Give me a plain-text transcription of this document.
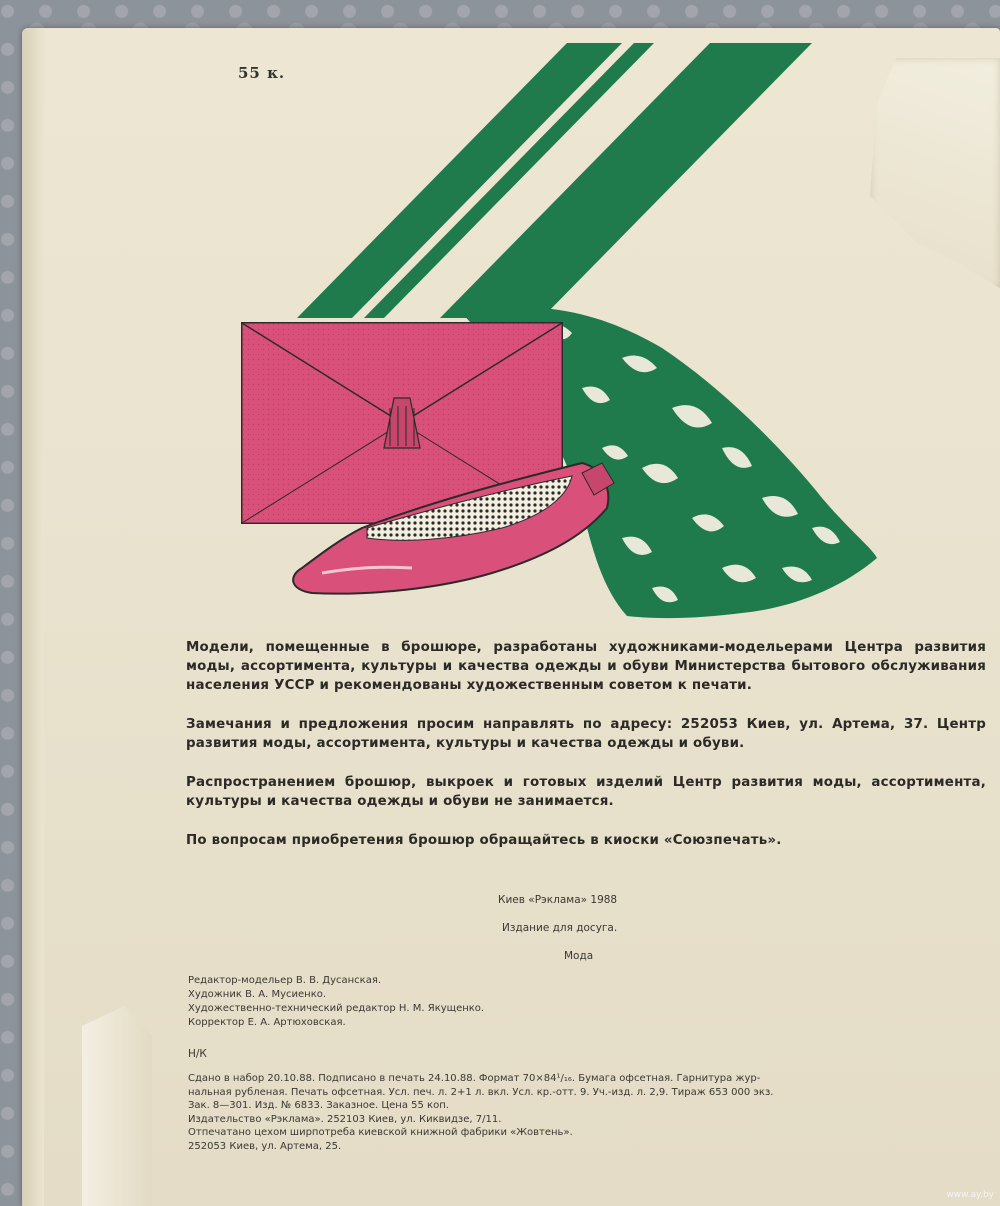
55 к.

Модели, помещенные в брошюре, разработаны художниками-модельерами Центра развития моды, ассортимента, культуры и качества одежды и обуви Министерства бытового обслуживания населения УССР и рекомендованы художественным советом к печати.

Замечания и предложения просим направлять по адресу: 252053 Киев, ул. Артема, 37. Центр развития моды, ассортимента, культуры и качества одежды и обуви.

Распространением брошюр, выкроек и готовых изделий Центр развития моды, ассортимента, культуры и качества одежды и обуви не занимается.

По вопросам приобретения брошюр обращайтесь в киоски «Союзпечать».

Киев «Рэклама» 1988
Издание для досуга.
Мода
Редактор-модельер В. В. Дусанская.
Художник В. А. Мусиенко.
Художественно-технический редактор Н. М. Якущенко.
Корректор Е. А. Артюховская.
Н/К
Сдано в набор 20.10.88. Подписано в печать 24.10.88. Формат 70×84¹/₁₆. Бумага офсетная. Гарнитура жур-
нальная рубленая. Печать офсетная. Усл. печ. л. 2+1 л. вкл. Усл. кр.-отт. 9. Уч.-изд. л. 2,9. Тираж 653 000 экз.
Зак. 8—301. Изд. № 6833. Заказное. Цена 55 коп.
Издательство «Рэклама». 252103 Киев, ул. Киквидзе, 7/11.
Отпечатано цехом ширпотреба киевской книжной фабрики «Жовтень».
252053 Киев, ул. Артема, 25.
www.ay.by
